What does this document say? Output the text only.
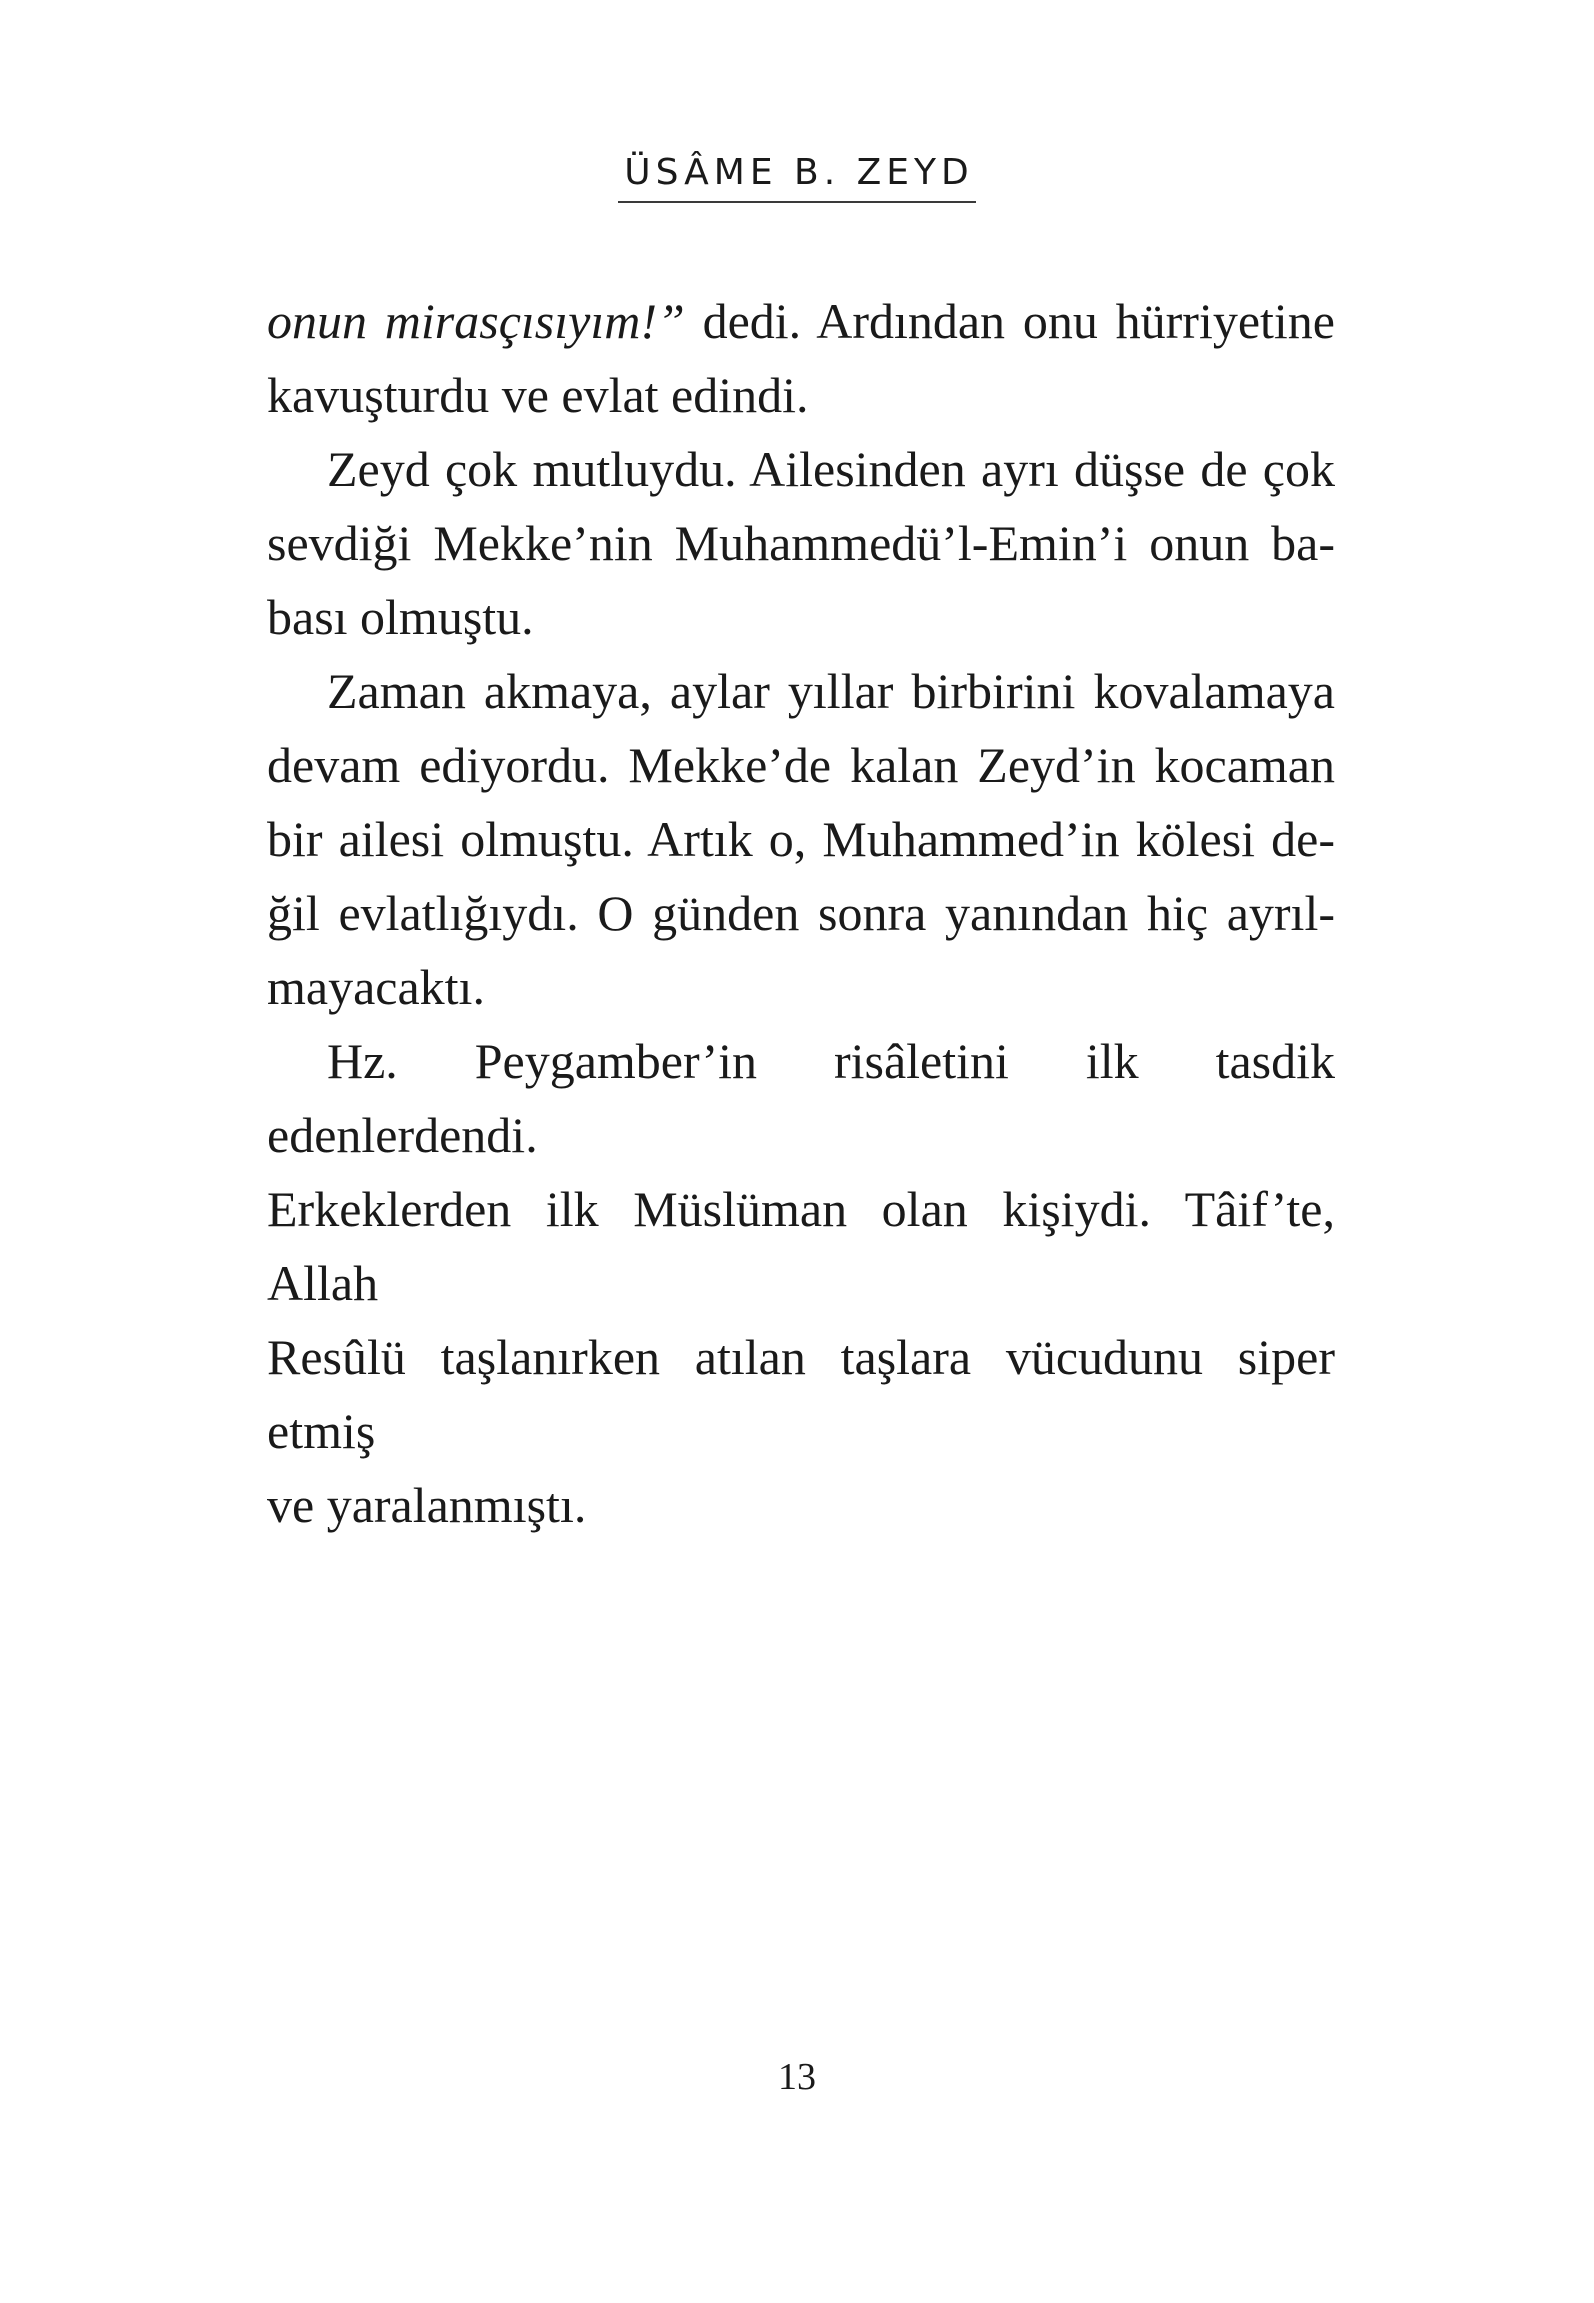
ÜSÂME B. ZEYD

onun mirasçısıyım!” dedi. Ardından onu hürriyetine
kavuşturdu ve evlat edindi.

Zeyd çok mutluydu. Ailesinden ayrı düşse de çok
sevdiği Mekke’nin Muhammedü’l-Emin’i onun ba-
bası olmuştu.

Zaman akmaya, aylar yıllar birbirini kovalamaya
devam ediyordu. Mekke’de kalan Zeyd’in kocaman
bir ailesi olmuştu. Artık o, Muhammed’in kölesi de-
ğil evlatlığıydı. O günden sonra yanından hiç ayrıl-
mayacaktı.

Hz. Peygamber’in risâletini ilk tasdik edenlerdendi.
Erkeklerden ilk Müslüman olan kişiydi. Tâif’te, Allah
Resûlü taşlanırken atılan taşlara vücudunu siper etmiş
ve yaralanmıştı.

13
